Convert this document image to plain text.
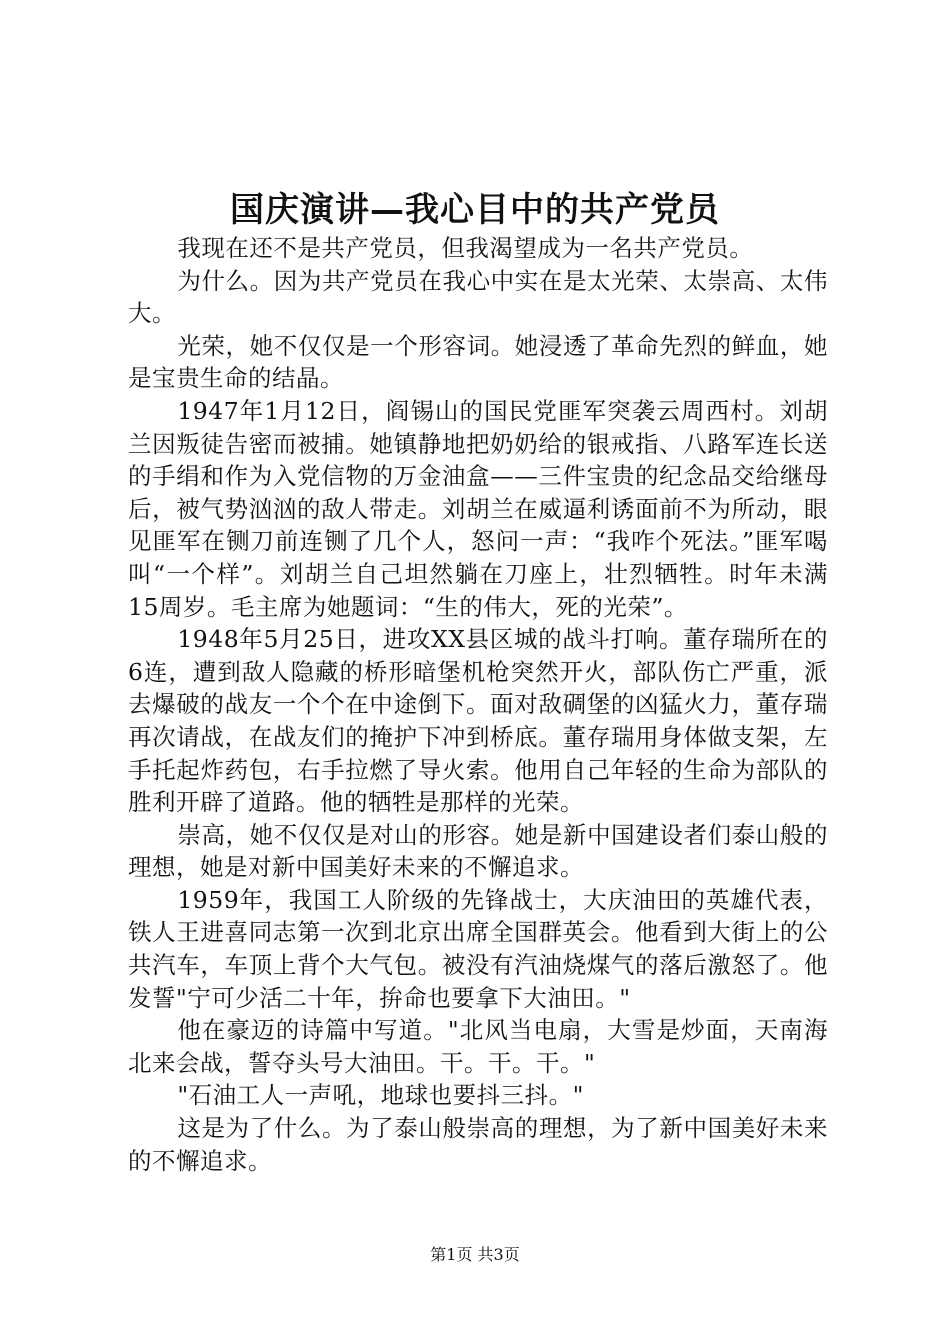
国庆演讲—我心目中的共产党员

我现在还不是共产党员，但我渴望成为一名共产党员。

为什么。因为共产党员在我心中实在是太光荣、太崇高、太伟大。

光荣，她不仅仅是一个形容词。她浸透了革命先烈的鲜血，她是宝贵生命的结晶。

1947年1月12日，阎锡山的国民党匪军突袭云周西村。刘胡兰因叛徒告密而被捕。她镇静地把奶奶给的银戒指、八路军连长送的手绢和作为入党信物的万金油盒——三件宝贵的纪念品交给继母后，被气势汹汹的敌人带走。刘胡兰在威逼利诱面前不为所动，眼见匪军在铡刀前连铡了几个人，怒问一声：“我咋个死法。”匪军喝叫“一个样”。刘胡兰自己坦然躺在刀座上，壮烈牺牲。时年未满15周岁。毛主席为她题词：“生的伟大，死的光荣”。

1948年5月25日，进攻XX县区城的战斗打响。董存瑞所在的6连，遭到敌人隐藏的桥形暗堡机枪突然开火，部队伤亡严重，派去爆破的战友一个个在中途倒下。面对敌碉堡的凶猛火力，董存瑞再次请战，在战友们的掩护下冲到桥底。董存瑞用身体做支架，左手托起炸药包，右手拉燃了导火索。他用自己年轻的生命为部队的胜利开辟了道路。他的牺牲是那样的光荣。

崇高，她不仅仅是对山的形容。她是新中国建设者们泰山般的理想，她是对新中国美好未来的不懈追求。

1959年，我国工人阶级的先锋战士，大庆油田的英雄代表，铁人王进喜同志第一次到北京出席全国群英会。他看到大街上的公共汽车，车顶上背个大气包。被没有汽油烧煤气的落后激怒了。他发誓"宁可少活二十年，拚命也要拿下大油田。"

他在豪迈的诗篇中写道。"北风当电扇，大雪是炒面，天南海北来会战，誓夺头号大油田。干。干。干。"

"石油工人一声吼，地球也要抖三抖。"

这是为了什么。为了泰山般崇高的理想，为了新中国美好未来的不懈追求。

第1页 共3页
